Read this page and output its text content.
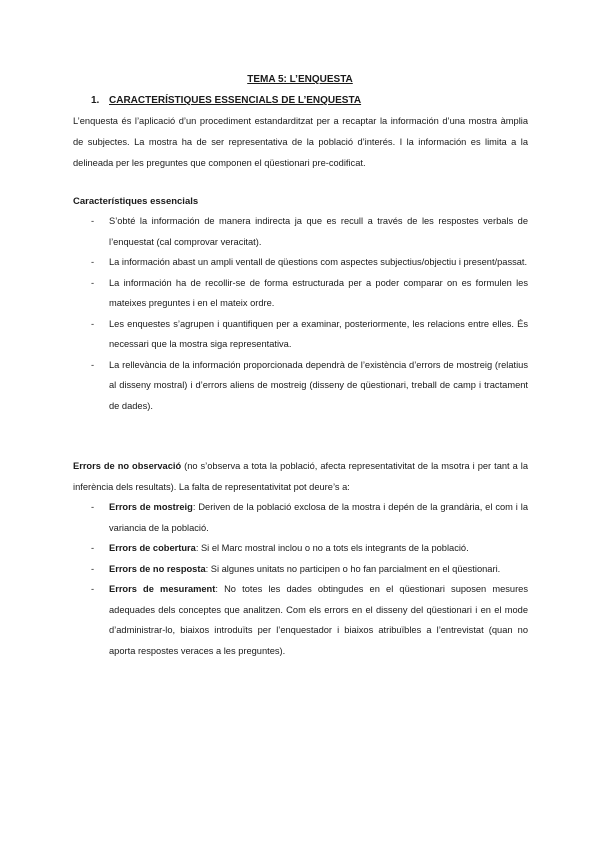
TEMA 5: L’ENQUESTA
1. CARACTERÍSTIQUES ESSENCIALS DE L’ENQUESTA
L’enquesta és l’aplicació d’un procediment estandarditzat per a recaptar la información d’una mostra àmplia de subjectes. La mostra ha de ser representativa de la població d’interés. I la información es limita a la delineada per les preguntes que componen el qüestionari pre-codificat.
Característiques essencials
- S’obté la información de manera indirecta ja que es recull a través de les respostes verbals de l’enquestat (cal comprovar veracitat).
- La información abast un ampli ventall de qüestions com aspectes subjectius/objectiu i present/passat.
- La información ha de recollir-se de forma estructurada per a poder comparar on es formulen les mateixes preguntes i en el mateix ordre.
- Les enquestes s’agrupen i quantifiquen per a examinar, posteriormente, les relacions entre elles. És necessari que la mostra siga representativa.
- La rellevància de la información proporcionada dependrà de l’existència d’errors de mostreig (relatius al disseny mostral) i d’errors aliens de mostreig (disseny de qüestionari, treball de camp i tractament de dades).
Errors de no observació (no s’observa a tota la població, afecta representativitat de la msotra i per tant a la inferència dels resultats). La falta de representativitat pot deure’s a:
- Errors de mostreig: Deriven de la població exclosa de la mostra i depén de la grandària, el com i la variancia de la població.
- Errors de cobertura: Si el Marc mostral inclou o no a tots els integrants de la població.
- Errors de no resposta: Si algunes unitats no participen o ho fan parcialment en el qüestionari.
- Errors de mesurament: No totes les dades obtingudes en el qüestionari suposen mesures adequades dels conceptes que analitzen. Com els errors en el disseny del qüestionari i en el mode d’administrar-lo, biaixos introduïts per l’enquestador i biaixos atribuïbles a l’entrevistat (quan no aporta respostes veraces a les preguntes).
